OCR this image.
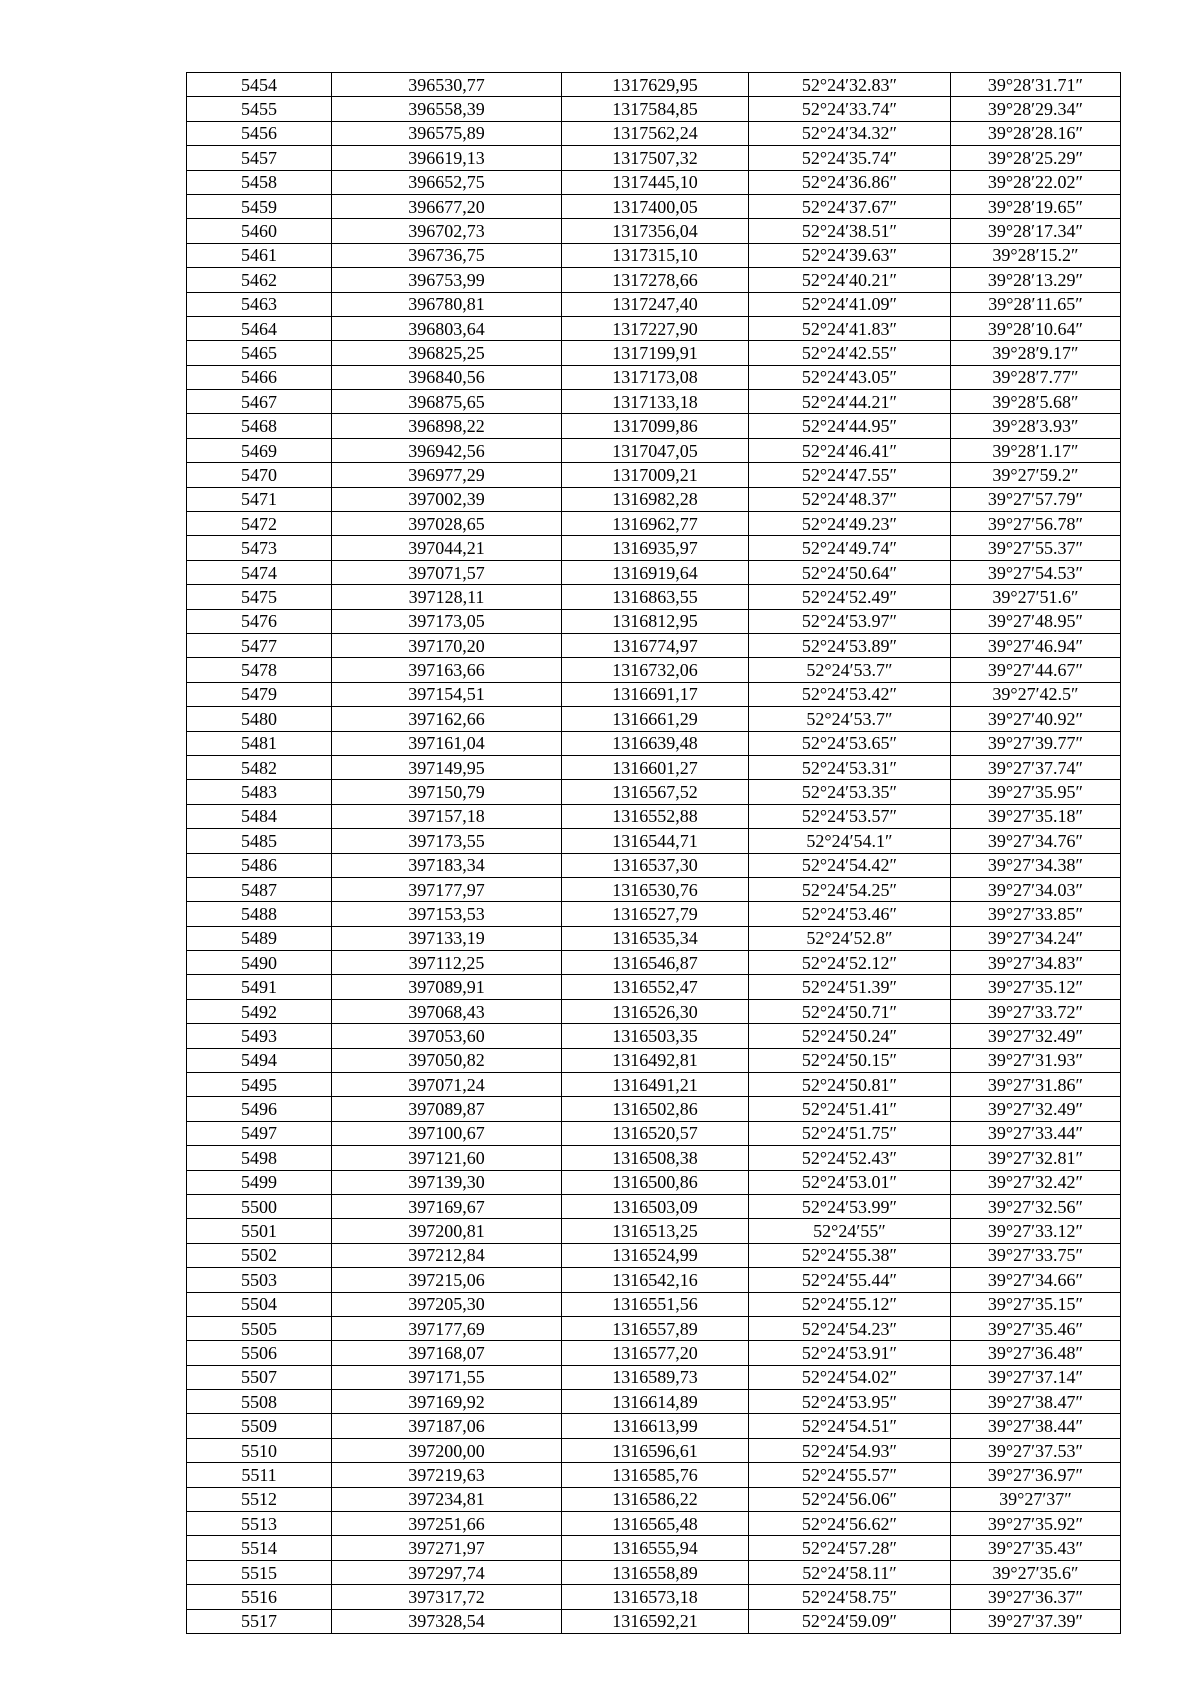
5454	396530,77	1317629,95	52°24′32.83″	39°28′31.71″
5455	396558,39	1317584,85	52°24′33.74″	39°28′29.34″
5456	396575,89	1317562,24	52°24′34.32″	39°28′28.16″
5457	396619,13	1317507,32	52°24′35.74″	39°28′25.29″
5458	396652,75	1317445,10	52°24′36.86″	39°28′22.02″
5459	396677,20	1317400,05	52°24′37.67″	39°28′19.65″
5460	396702,73	1317356,04	52°24′38.51″	39°28′17.34″
5461	396736,75	1317315,10	52°24′39.63″	39°28′15.2″
5462	396753,99	1317278,66	52°24′40.21″	39°28′13.29″
5463	396780,81	1317247,40	52°24′41.09″	39°28′11.65″
5464	396803,64	1317227,90	52°24′41.83″	39°28′10.64″
5465	396825,25	1317199,91	52°24′42.55″	39°28′9.17″
5466	396840,56	1317173,08	52°24′43.05″	39°28′7.77″
5467	396875,65	1317133,18	52°24′44.21″	39°28′5.68″
5468	396898,22	1317099,86	52°24′44.95″	39°28′3.93″
5469	396942,56	1317047,05	52°24′46.41″	39°28′1.17″
5470	396977,29	1317009,21	52°24′47.55″	39°27′59.2″
5471	397002,39	1316982,28	52°24′48.37″	39°27′57.79″
5472	397028,65	1316962,77	52°24′49.23″	39°27′56.78″
5473	397044,21	1316935,97	52°24′49.74″	39°27′55.37″
5474	397071,57	1316919,64	52°24′50.64″	39°27′54.53″
5475	397128,11	1316863,55	52°24′52.49″	39°27′51.6″
5476	397173,05	1316812,95	52°24′53.97″	39°27′48.95″
5477	397170,20	1316774,97	52°24′53.89″	39°27′46.94″
5478	397163,66	1316732,06	52°24′53.7″	39°27′44.67″
5479	397154,51	1316691,17	52°24′53.42″	39°27′42.5″
5480	397162,66	1316661,29	52°24′53.7″	39°27′40.92″
5481	397161,04	1316639,48	52°24′53.65″	39°27′39.77″
5482	397149,95	1316601,27	52°24′53.31″	39°27′37.74″
5483	397150,79	1316567,52	52°24′53.35″	39°27′35.95″
5484	397157,18	1316552,88	52°24′53.57″	39°27′35.18″
5485	397173,55	1316544,71	52°24′54.1″	39°27′34.76″
5486	397183,34	1316537,30	52°24′54.42″	39°27′34.38″
5487	397177,97	1316530,76	52°24′54.25″	39°27′34.03″
5488	397153,53	1316527,79	52°24′53.46″	39°27′33.85″
5489	397133,19	1316535,34	52°24′52.8″	39°27′34.24″
5490	397112,25	1316546,87	52°24′52.12″	39°27′34.83″
5491	397089,91	1316552,47	52°24′51.39″	39°27′35.12″
5492	397068,43	1316526,30	52°24′50.71″	39°27′33.72″
5493	397053,60	1316503,35	52°24′50.24″	39°27′32.49″
5494	397050,82	1316492,81	52°24′50.15″	39°27′31.93″
5495	397071,24	1316491,21	52°24′50.81″	39°27′31.86″
5496	397089,87	1316502,86	52°24′51.41″	39°27′32.49″
5497	397100,67	1316520,57	52°24′51.75″	39°27′33.44″
5498	397121,60	1316508,38	52°24′52.43″	39°27′32.81″
5499	397139,30	1316500,86	52°24′53.01″	39°27′32.42″
5500	397169,67	1316503,09	52°24′53.99″	39°27′32.56″
5501	397200,81	1316513,25	52°24′55″	39°27′33.12″
5502	397212,84	1316524,99	52°24′55.38″	39°27′33.75″
5503	397215,06	1316542,16	52°24′55.44″	39°27′34.66″
5504	397205,30	1316551,56	52°24′55.12″	39°27′35.15″
5505	397177,69	1316557,89	52°24′54.23″	39°27′35.46″
5506	397168,07	1316577,20	52°24′53.91″	39°27′36.48″
5507	397171,55	1316589,73	52°24′54.02″	39°27′37.14″
5508	397169,92	1316614,89	52°24′53.95″	39°27′38.47″
5509	397187,06	1316613,99	52°24′54.51″	39°27′38.44″
5510	397200,00	1316596,61	52°24′54.93″	39°27′37.53″
5511	397219,63	1316585,76	52°24′55.57″	39°27′36.97″
5512	397234,81	1316586,22	52°24′56.06″	39°27′37″
5513	397251,66	1316565,48	52°24′56.62″	39°27′35.92″
5514	397271,97	1316555,94	52°24′57.28″	39°27′35.43″
5515	397297,74	1316558,89	52°24′58.11″	39°27′35.6″
5516	397317,72	1316573,18	52°24′58.75″	39°27′36.37″
5517	397328,54	1316592,21	52°24′59.09″	39°27′37.39″
